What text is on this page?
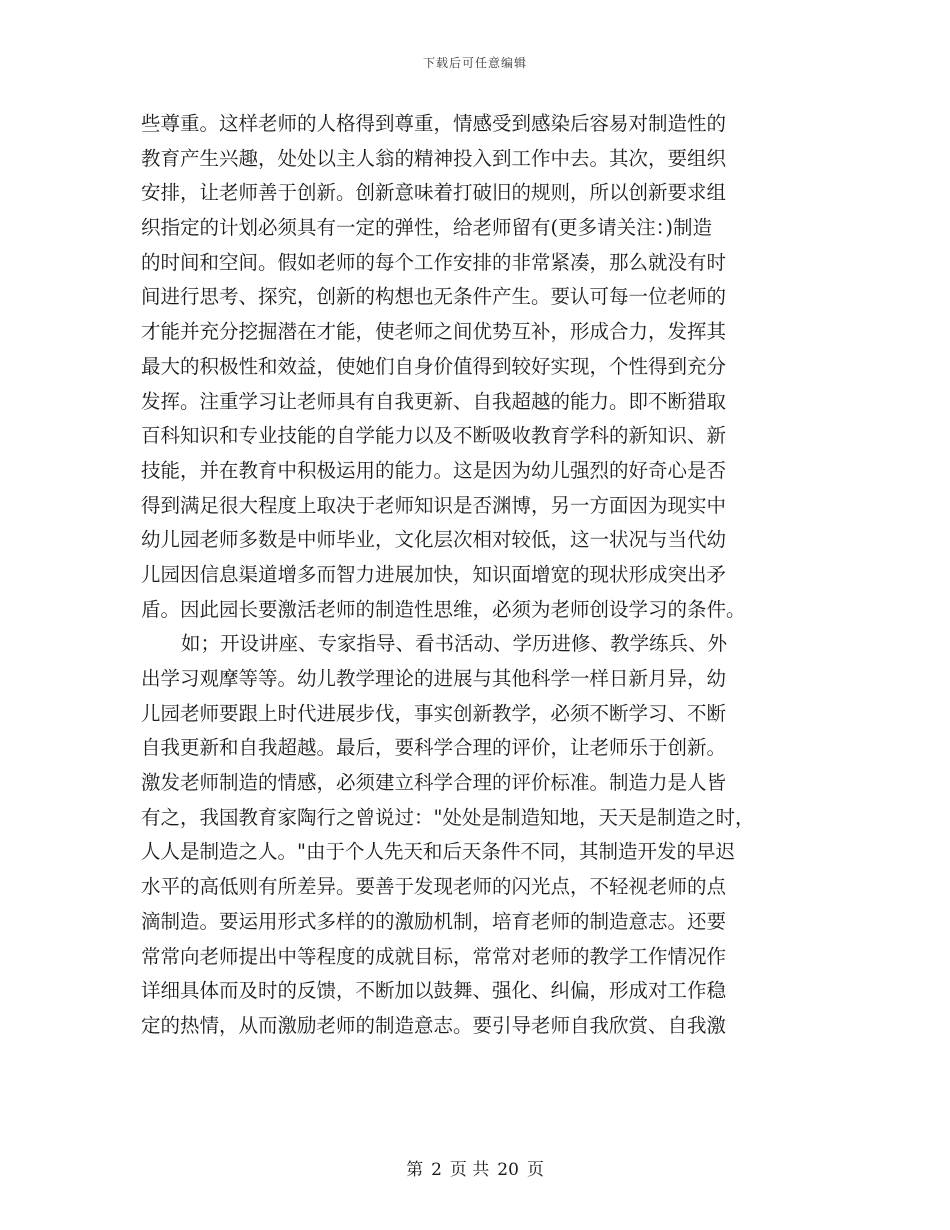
下载后可任意编辑
些尊重。这样老师的人格得到尊重，情感受到感染后容易对制造性的
教育产生兴趣，处处以主人翁的精神投入到工作中去。其次，要组织
安排，让老师善于创新。创新意味着打破旧的规则，所以创新要求组
织指定的计划必须具有一定的弹性，给老师留有(更多请关注：)制造
的时间和空间。假如老师的每个工作安排的非常紧凑，那么就没有时
间进行思考、探究，创新的构想也无条件产生。要认可每一位老师的
才能并充分挖掘潜在才能，使老师之间优势互补，形成合力，发挥其
最大的积极性和效益，使她们自身价值得到较好实现，个性得到充分
发挥。注重学习让老师具有自我更新、自我超越的能力。即不断猎取
百科知识和专业技能的自学能力以及不断吸收教育学科的新知识、新
技能，并在教育中积极运用的能力。这是因为幼儿强烈的好奇心是否
得到满足很大程度上取决于老师知识是否渊博，另一方面因为现实中
幼儿园老师多数是中师毕业，文化层次相对较低，这一状况与当代幼
儿园因信息渠道增多而智力进展加快，知识面增宽的现状形成突出矛
盾。因此园长要激活老师的制造性思维，必须为老师创设学习的条件。
如；开设讲座、专家指导、看书活动、学历进修、教学练兵、外
出学习观摩等等。幼儿教学理论的进展与其他科学一样日新月异，幼
儿园老师要跟上时代进展步伐，事实创新教学，必须不断学习、不断
自我更新和自我超越。最后，要科学合理的评价，让老师乐于创新。
激发老师制造的情感，必须建立科学合理的评价标准。制造力是人皆
有之，我国教育家陶行之曾说过："处处是制造知地，天天是制造之时，
人人是制造之人。"由于个人先天和后天条件不同，其制造开发的早迟
水平的高低则有所差异。要善于发现老师的闪光点，不轻视老师的点
滴制造。要运用形式多样的的激励机制，培育老师的制造意志。还要
常常向老师提出中等程度的成就目标，常常对老师的教学工作情况作
详细具体而及时的反馈，不断加以鼓舞、强化、纠偏，形成对工作稳
定的热情，从而激励老师的制造意志。要引导老师自我欣赏、自我激
第 2 页 共 20 页
